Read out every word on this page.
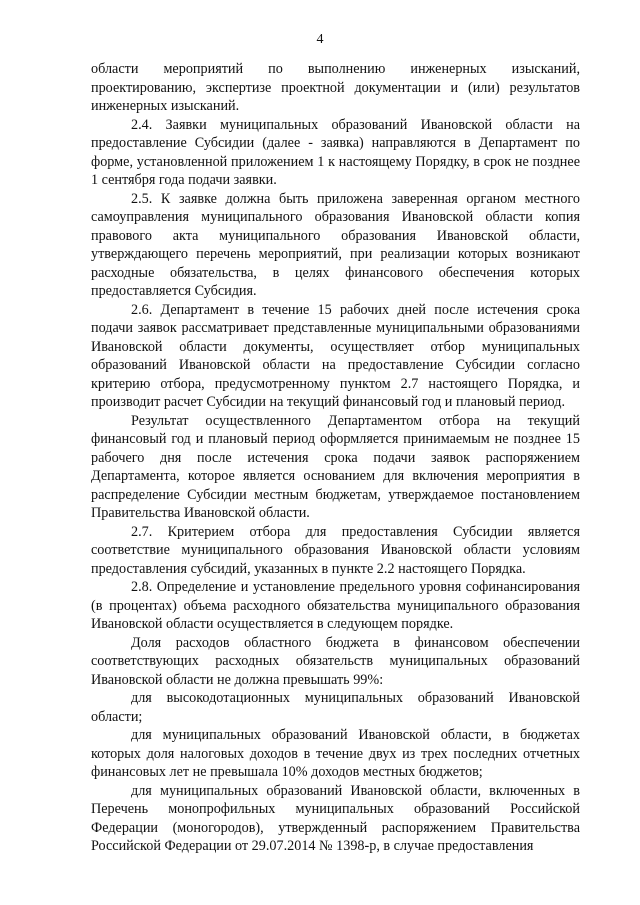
4

области мероприятий по выполнению инженерных изысканий, проектированию, экспертизе проектной документации и (или) результатов инженерных изысканий.

2.4. Заявки муниципальных образований Ивановской области на предоставление Субсидии (далее - заявка) направляются в Департамент по форме, установленной приложением 1 к настоящему Порядку, в срок не позднее 1 сентября года подачи заявки.

2.5. К заявке должна быть приложена заверенная органом местного самоуправления муниципального образования Ивановской области копия правового акта муниципального образования Ивановской области, утверждающего перечень мероприятий, при реализации которых возникают расходные обязательства, в целях финансового обеспечения которых предоставляется Субсидия.

2.6. Департамент в течение 15 рабочих дней после истечения срока подачи заявок рассматривает представленные муниципальными образованиями Ивановской области документы, осуществляет отбор муниципальных образований Ивановской области на предоставление Субсидии согласно критерию отбора, предусмотренному пунктом 2.7 настоящего Порядка, и производит расчет Субсидии на текущий финансовый год и плановый период.

Результат осуществленного Департаментом отбора на текущий финансовый год и плановый период оформляется принимаемым не позднее 15 рабочего дня после истечения срока подачи заявок распоряжением Департамента, которое является основанием для включения мероприятия в распределение Субсидии местным бюджетам, утверждаемое постановлением Правительства Ивановской области.

2.7. Критерием отбора для предоставления Субсидии является соответствие муниципального образования Ивановской области условиям предоставления субсидий, указанных в пункте 2.2 настоящего Порядка.

2.8. Определение и установление предельного уровня софинансирования (в процентах) объема расходного обязательства муниципального образования Ивановской области осуществляется в следующем порядке.

Доля расходов областного бюджета в финансовом обеспечении соответствующих расходных обязательств муниципальных образований Ивановской области не должна превышать 99%:

для высокодотационных муниципальных образований Ивановской области;

для муниципальных образований Ивановской области, в бюджетах которых доля налоговых доходов в течение двух из трех последних отчетных финансовых лет не превышала 10% доходов местных бюджетов;

для муниципальных образований Ивановской области, включенных в Перечень монопрофильных муниципальных образований Российской Федерации (моногородов), утвержденный распоряжением Правительства Российской Федерации от 29.07.2014 № 1398-р, в случае предоставления
